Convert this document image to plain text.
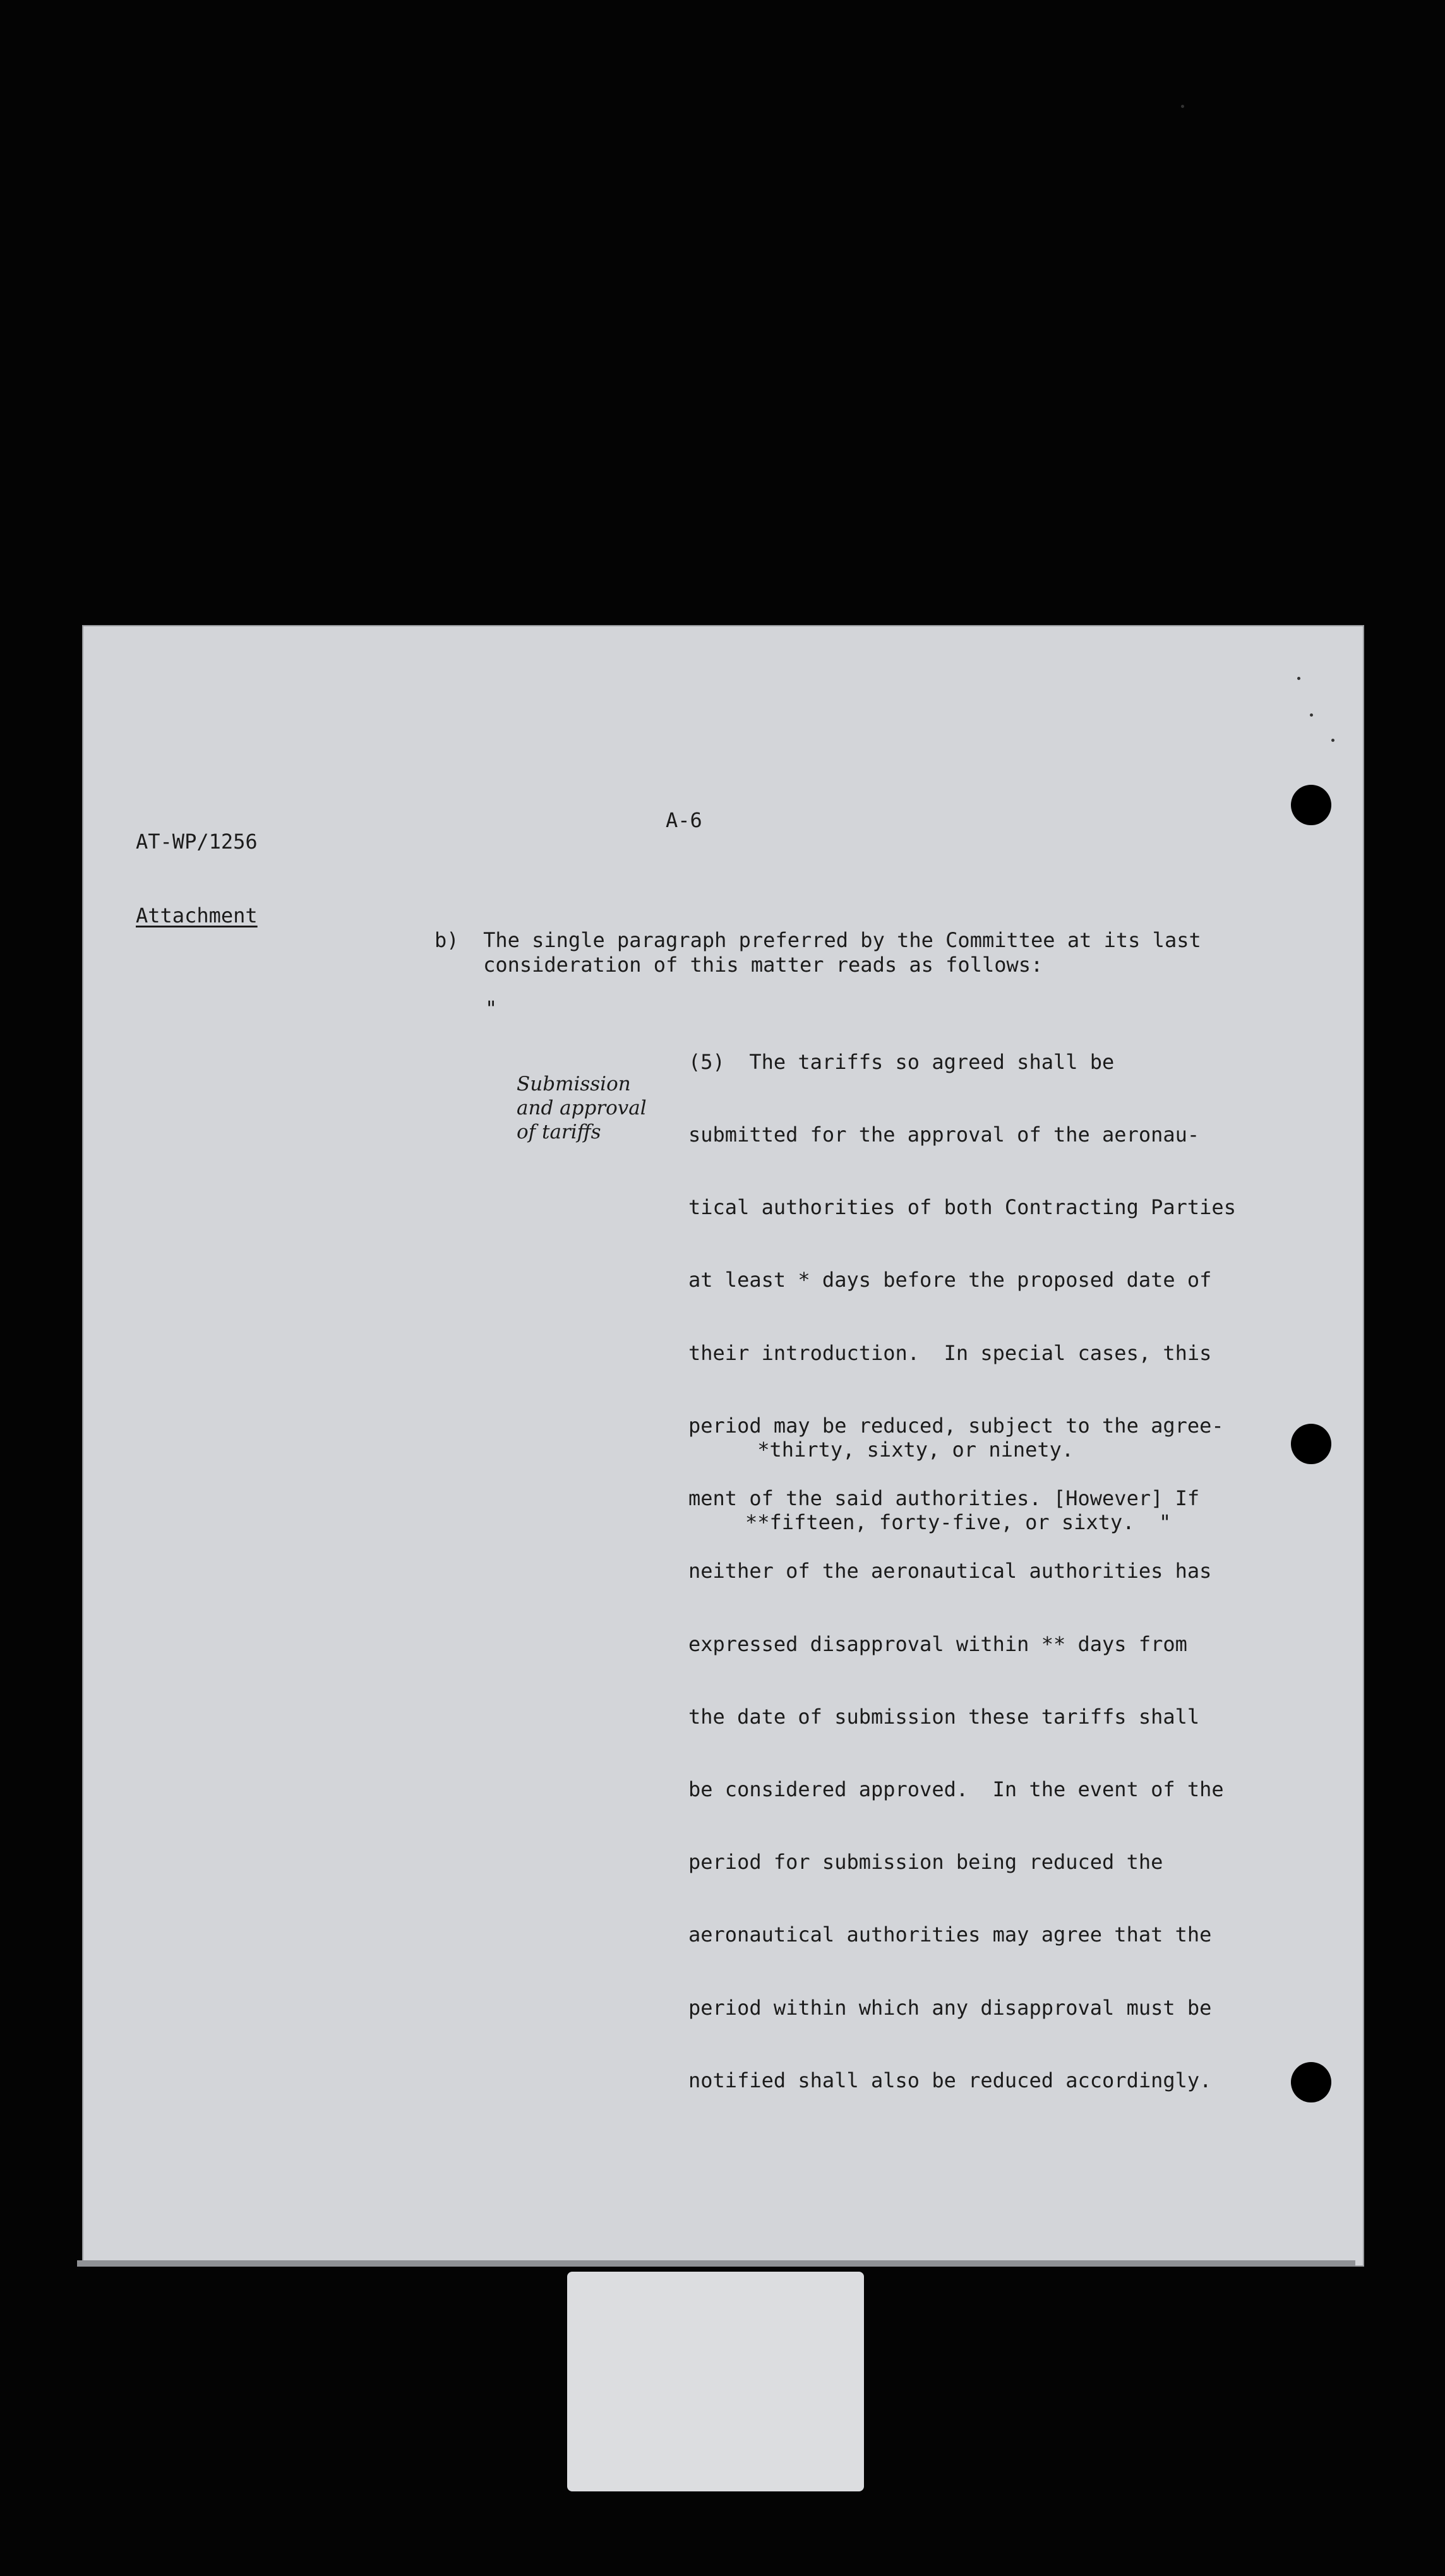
AT-WP/1256

Attachment

A-6
b) The single paragraph preferred by the Committee at its last
consideration of this matter reads as follows:
"
Submission
and approval
of tariffs

(5)  The tariffs so agreed shall be

submitted for the approval of the aeronau-

tical authorities of both Contracting Parties

at least * days before the proposed date of

their introduction.  In special cases, this

period may be reduced, subject to the agree-

ment of the said authorities. [However] If

neither of the aeronautical authorities has

expressed disapproval within ** days from

the date of submission these tariffs shall

be considered approved.  In the event of the

period for submission being reduced the

aeronautical authorities may agree that the

period within which any disapproval must be

notified shall also be reduced accordingly.

*thirty, sixty, or ninety.

**fifteen, forty-five, or sixty.  "
